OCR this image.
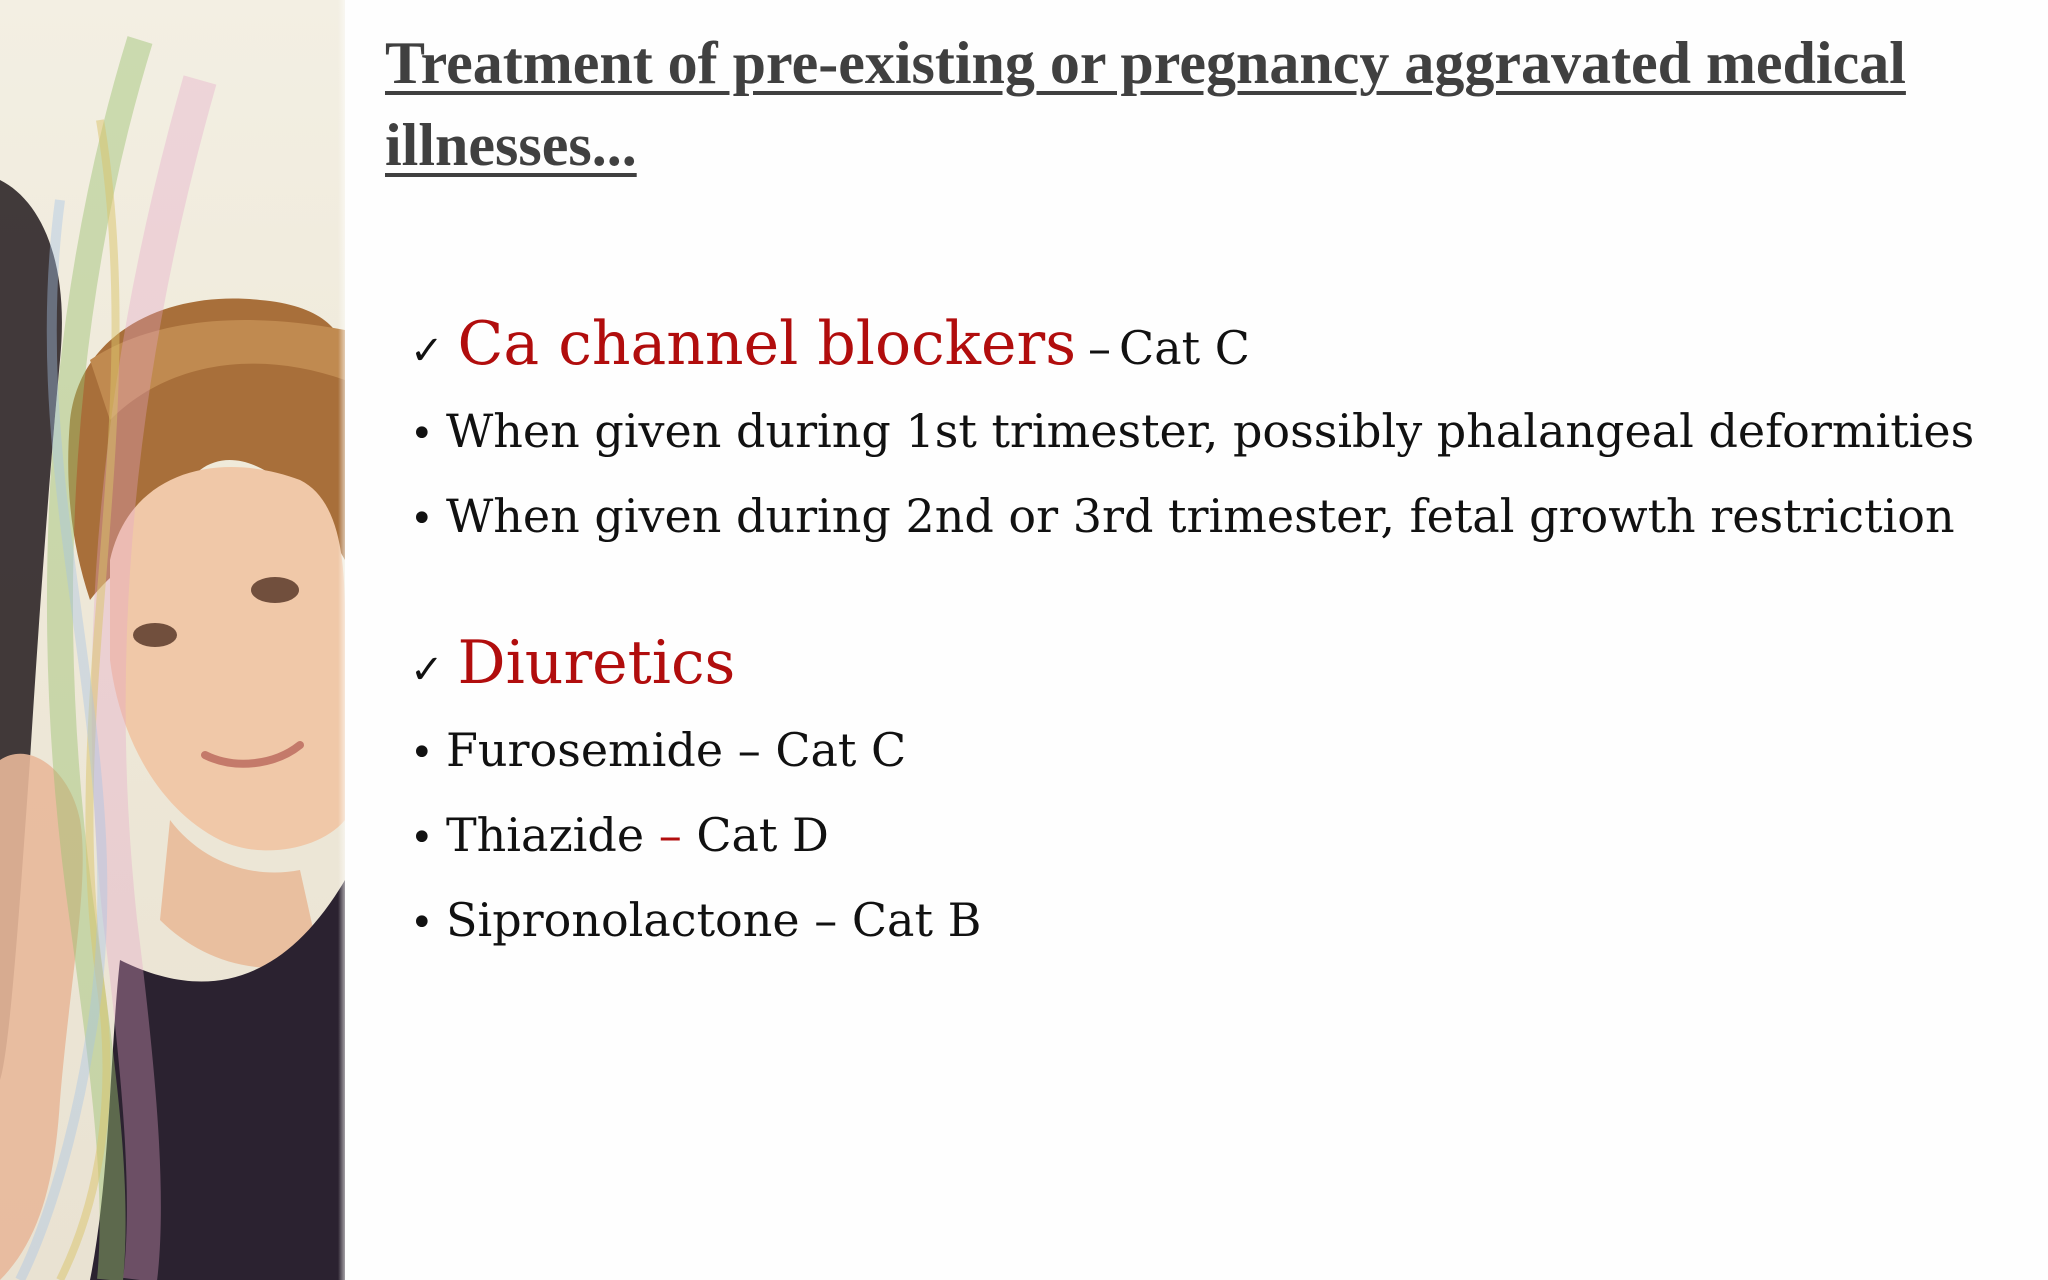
Treatment of pre-existing or pregnancy aggravated medical illnesses...
✓ Ca channel blockers – Cat C
• When given during 1st trimester, possibly phalangeal deformities
• When given during 2nd or 3rd trimester, fetal growth restriction
✓ Diuretics
• Furosemide
–
Cat C
• Thiazide
–
Cat D
• Sipronolactone
–
Cat B
